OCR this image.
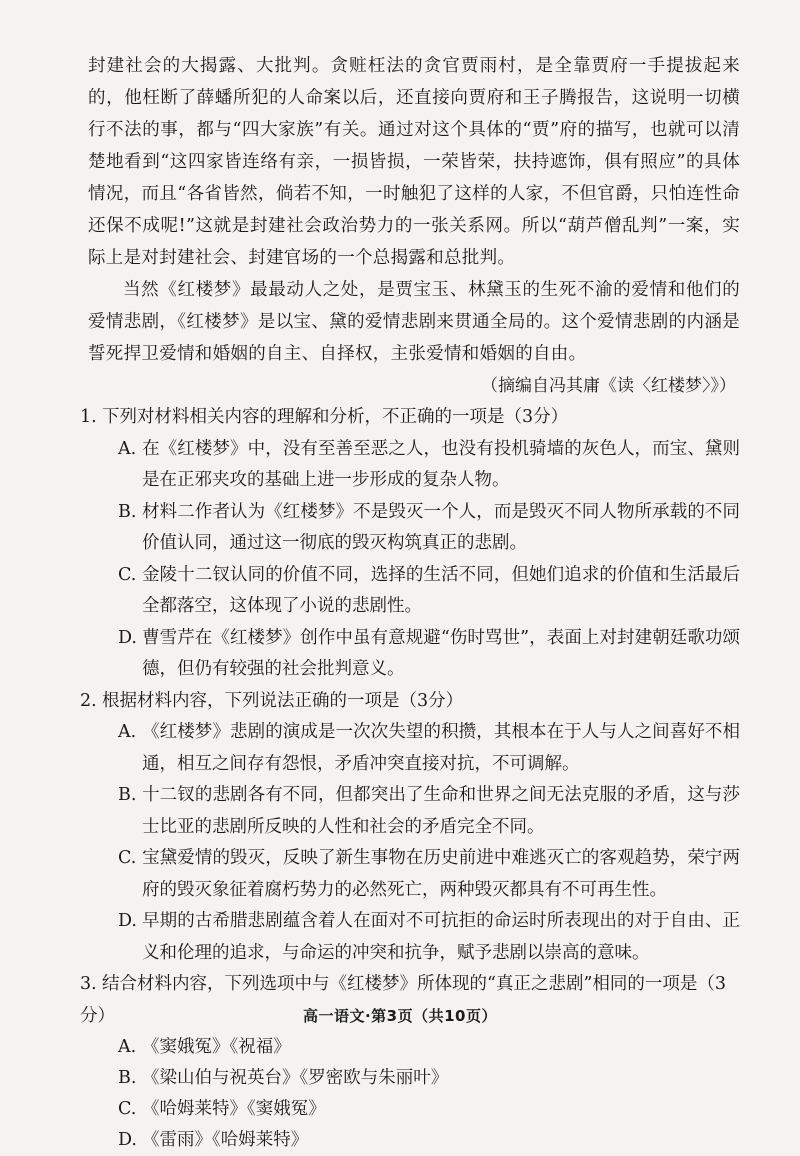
封建社会的大揭露、大批判。贪赃枉法的贪官贾雨村，是全靠贾府一手提拔起来的，他枉断了薛蟠所犯的人命案以后，还直接向贾府和王子腾报告，这说明一切横行不法的事，都与“四大家族”有关。通过对这个具体的“贾”府的描写，也就可以清楚地看到“这四家皆连络有亲，一损皆损，一荣皆荣，扶持遮饰，俱有照应”的具体情况，而且“各省皆然，倘若不知，一时触犯了这样的人家，不但官爵，只怕连性命还保不成呢!”这就是封建社会政治势力的一张关系网。所以“葫芦僧乱判”一案，实际上是对封建社会、封建官场的一个总揭露和总批判。

当然《红楼梦》最最动人之处，是贾宝玉、林黛玉的生死不渝的爱情和他们的爱情悲剧，《红楼梦》是以宝、黛的爱情悲剧来贯通全局的。这个爱情悲剧的内涵是誓死捍卫爱情和婚姻的自主、自择权，主张爱情和婚姻的自由。

（摘编自冯其庸《读〈红楼梦〉》）

1. 下列对材料相关内容的理解和分析，不正确的一项是（3分）
A. 在《红楼梦》中，没有至善至恶之人，也没有投机骑墙的灰色人，而宝、黛则是在正邪夹攻的基础上进一步形成的复杂人物。
B. 材料二作者认为《红楼梦》不是毁灭一个人，而是毁灭不同人物所承载的不同价值认同，通过这一彻底的毁灭构筑真正的悲剧。
C. 金陵十二钗认同的价值不同，选择的生活不同，但她们追求的价值和生活最后全都落空，这体现了小说的悲剧性。
D. 曹雪芹在《红楼梦》创作中虽有意规避“伤时骂世”，表面上对封建朝廷歌功颂德，但仍有较强的社会批判意义。
2. 根据材料内容，下列说法正确的一项是（3分）
A. 《红楼梦》悲剧的演成是一次次失望的积攒，其根本在于人与人之间喜好不相通，相互之间存有怨恨，矛盾冲突直接对抗，不可调解。
B. 十二钗的悲剧各有不同，但都突出了生命和世界之间无法克服的矛盾，这与莎士比亚的悲剧所反映的人性和社会的矛盾完全不同。
C. 宝黛爱情的毁灭，反映了新生事物在历史前进中难逃灭亡的客观趋势，荣宁两府的毁灭象征着腐朽势力的必然死亡，两种毁灭都具有不可再生性。
D. 早期的古希腊悲剧蕴含着人在面对不可抗拒的命运时所表现出的对于自由、正义和伦理的追求，与命运的冲突和抗争，赋予悲剧以崇高的意味。
3. 结合材料内容，下列选项中与《红楼梦》所体现的“真正之悲剧”相同的一项是（3分）
A. 《窦娥冤》《祝福》
B. 《梁山伯与祝英台》《罗密欧与朱丽叶》
C. 《哈姆莱特》《窦娥冤》
D. 《雷雨》《哈姆莱特》
高一语文·第3页（共10页）
